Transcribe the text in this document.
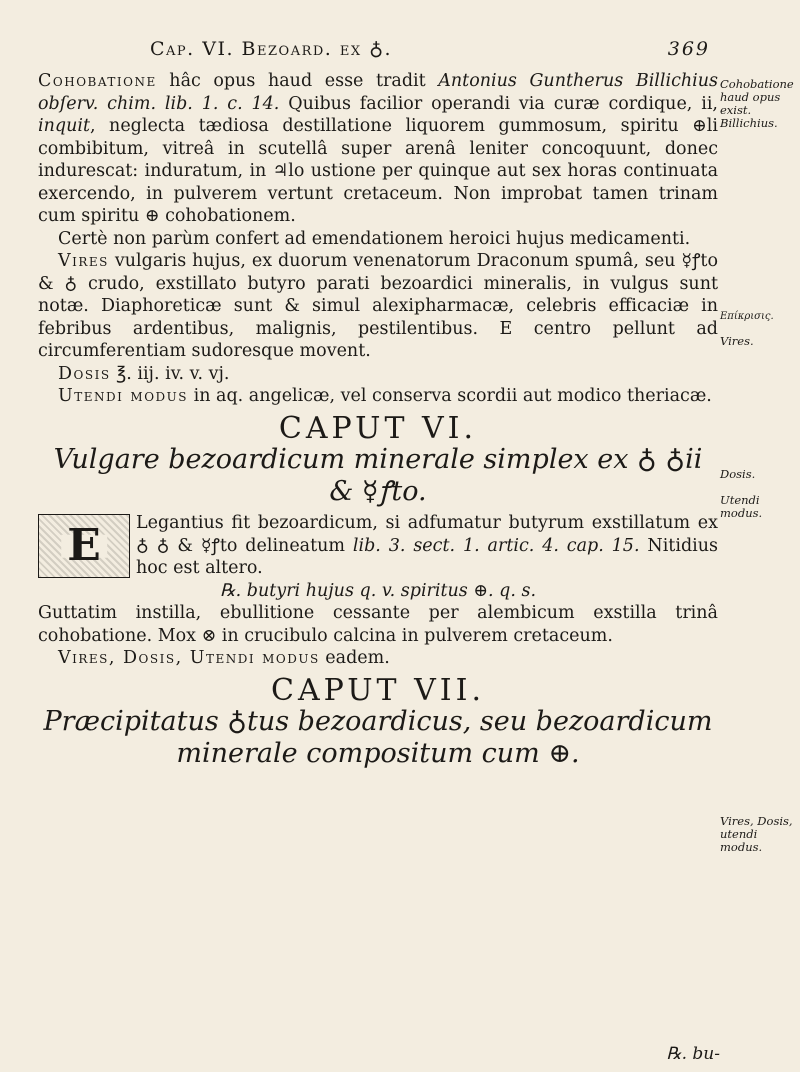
Cap. VI. Bezoard. ex ♁.	369

Cohobatione hâc opus haud esse tradit Antonius Guntherus Billichius obſerv. chim. lib. 1. c. 14. Quibus facilior operandi via curæ cordique, ii, inquit, neglecta tædiosa destillatione liquorem gummosum, spiritu ⊕li combibitum, vitreâ in scutellâ super arenâ leniter concoquunt, donec indurescat: induratum, in ♃lo ustione per quinque aut sex horas continuata exercendo, in pulverem vertunt cretaceum. Non improbat tamen trinam cum spiritu ⊕ cohobationem.

Certè non parùm confert ad emendationem heroici hujus medicamenti.

Vires vulgaris hujus, ex duorum venenatorum Draconum spumâ, seu ☿ꝭto & ♁ crudo, exstillato butyro parati bezoardici mineralis, in vulgus sunt notæ. Diaphoreticæ sunt & simul alexipharmacæ, celebris efficaciæ in febribus ardentibus, malignis, pestilentibus. E centro pellunt ad circumferentiam sudoresque movent.

Dosis ℥. iij. iv. v. vj.

Utendi modus in aq. angelicæ, vel conserva scordii aut modico theriacæ.

CAPUT VI.
Vulgare bezoardicum minerale simplex ex ♁ ♁ii & ☿ꝭto.
E	Legantius fit bezoardicum, si adfumatur butyrum exstillatum ex ♁ ♁ & ☿ꝭto delineatum lib. 3. sect. 1. artic. 4. cap. 15. Nitidius hoc est altero.

℞. butyri hujus q. v. spiritus ⊕. q. s.

Guttatim instilla, ebullitione cessante per alembicum exstilla trinâ cohobatione. Mox ⊗ in crucibulo calcina in pulverem cretaceum.

Vires, Dosis, Utendi modus eadem.

CAPUT VII.
Præcipitatus ♁tus bezoardicus, seu bezoardicum minerale compositum cum ⊕.
℞. bu-
Cohobatione haud opus exist. Billichius.
Επίκρισις.
Vires.
Dosis.
Utendi modus.
Vires, Dosis, utendi modus.
